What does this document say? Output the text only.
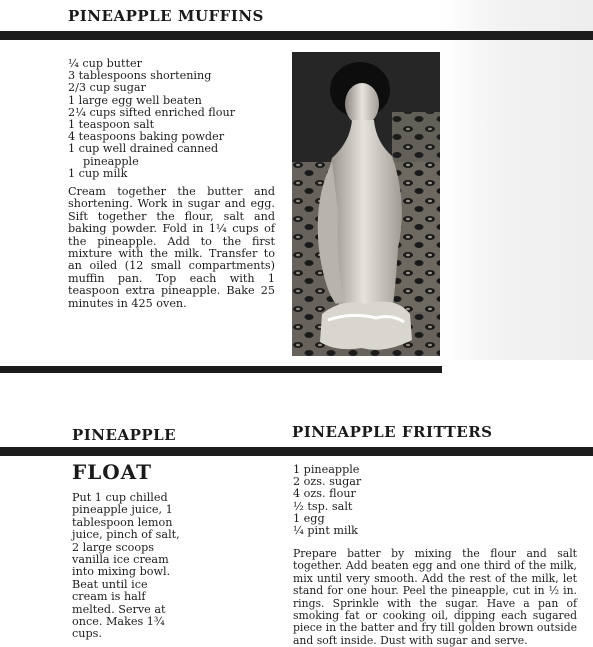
PINEAPPLE MUFFINS
¼ cup butter
3 tablespoons shortening
2/3 cup sugar
1 large egg well beaten
2¼ cups sifted enriched flour
1 teaspoon salt
4 teaspoons baking powder
1 cup well drained canned
pineapple
1 cup milk

Cream together the butter and shortening. Work in sugar and egg. Sift together the flour, salt and baking powder. Fold in 1¼ cups of the pineapple. Add to the first mixture with the milk. Transfer to an oiled (12 small compartments) muffin pan. Top each with 1 teaspoon extra pineapple. Bake 25 minutes in 425 oven.

PINEAPPLE	PINEAPPLE FRITTERS
FLOAT

Put 1 cup chilled pineapple juice, 1 tablespoon lemon juice, pinch of salt, 2 large scoops vanilla ice cream into mixing bowl. Beat until ice cream is half melted. Serve at once. Makes 1¾ cups.

1 pineapple
2 ozs. sugar
4 ozs. flour
½ tsp. salt
1 egg
¼ pint milk

Prepare batter by mixing the flour and salt together. Add beaten egg and one third of the milk, mix until very smooth. Add the rest of the milk, let stand for one hour. Peel the pineapple, cut in ½ in. rings. Sprinkle with the sugar. Have a pan of smoking fat or cooking oil, dipping each sugared piece in the batter and fry till golden brown outside and soft inside. Dust with sugar and serve.
